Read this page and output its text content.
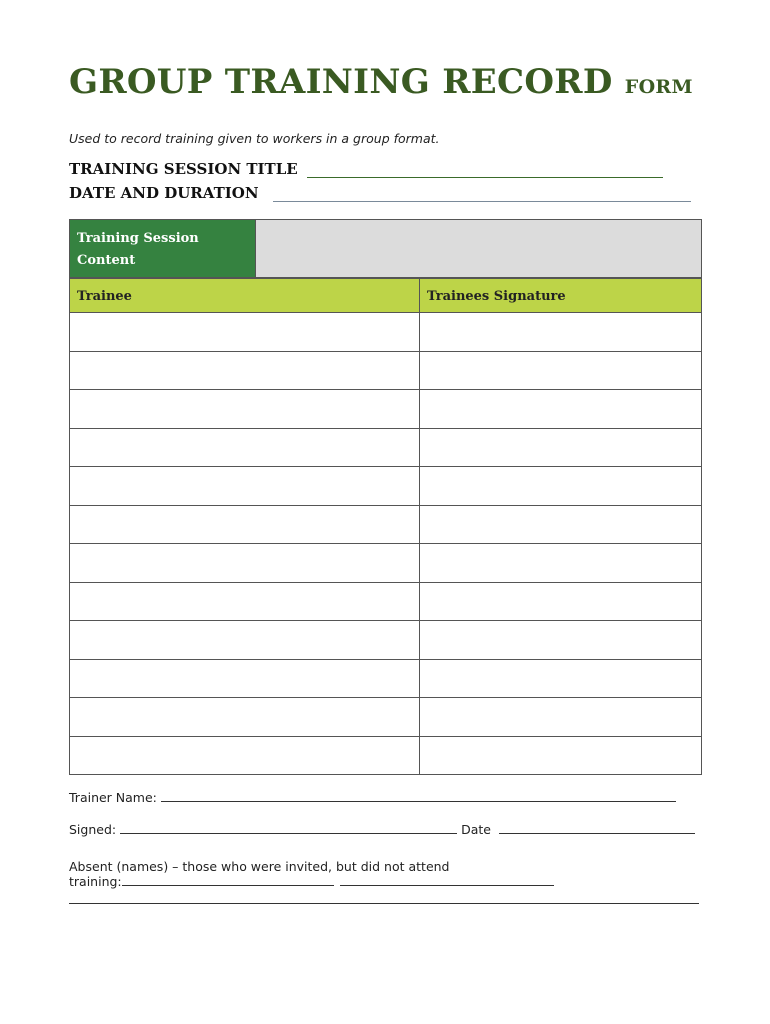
GROUP TRAINING RECORD FORM
Used to record training given to workers in a group format.
TRAINING SESSION TITLE
DATE AND DURATION
Training Session Content
Trainee	Trainees Signature

Trainer Name:
Signed:	Date
Absent (names) – those who were invited, but did not attend
training:
